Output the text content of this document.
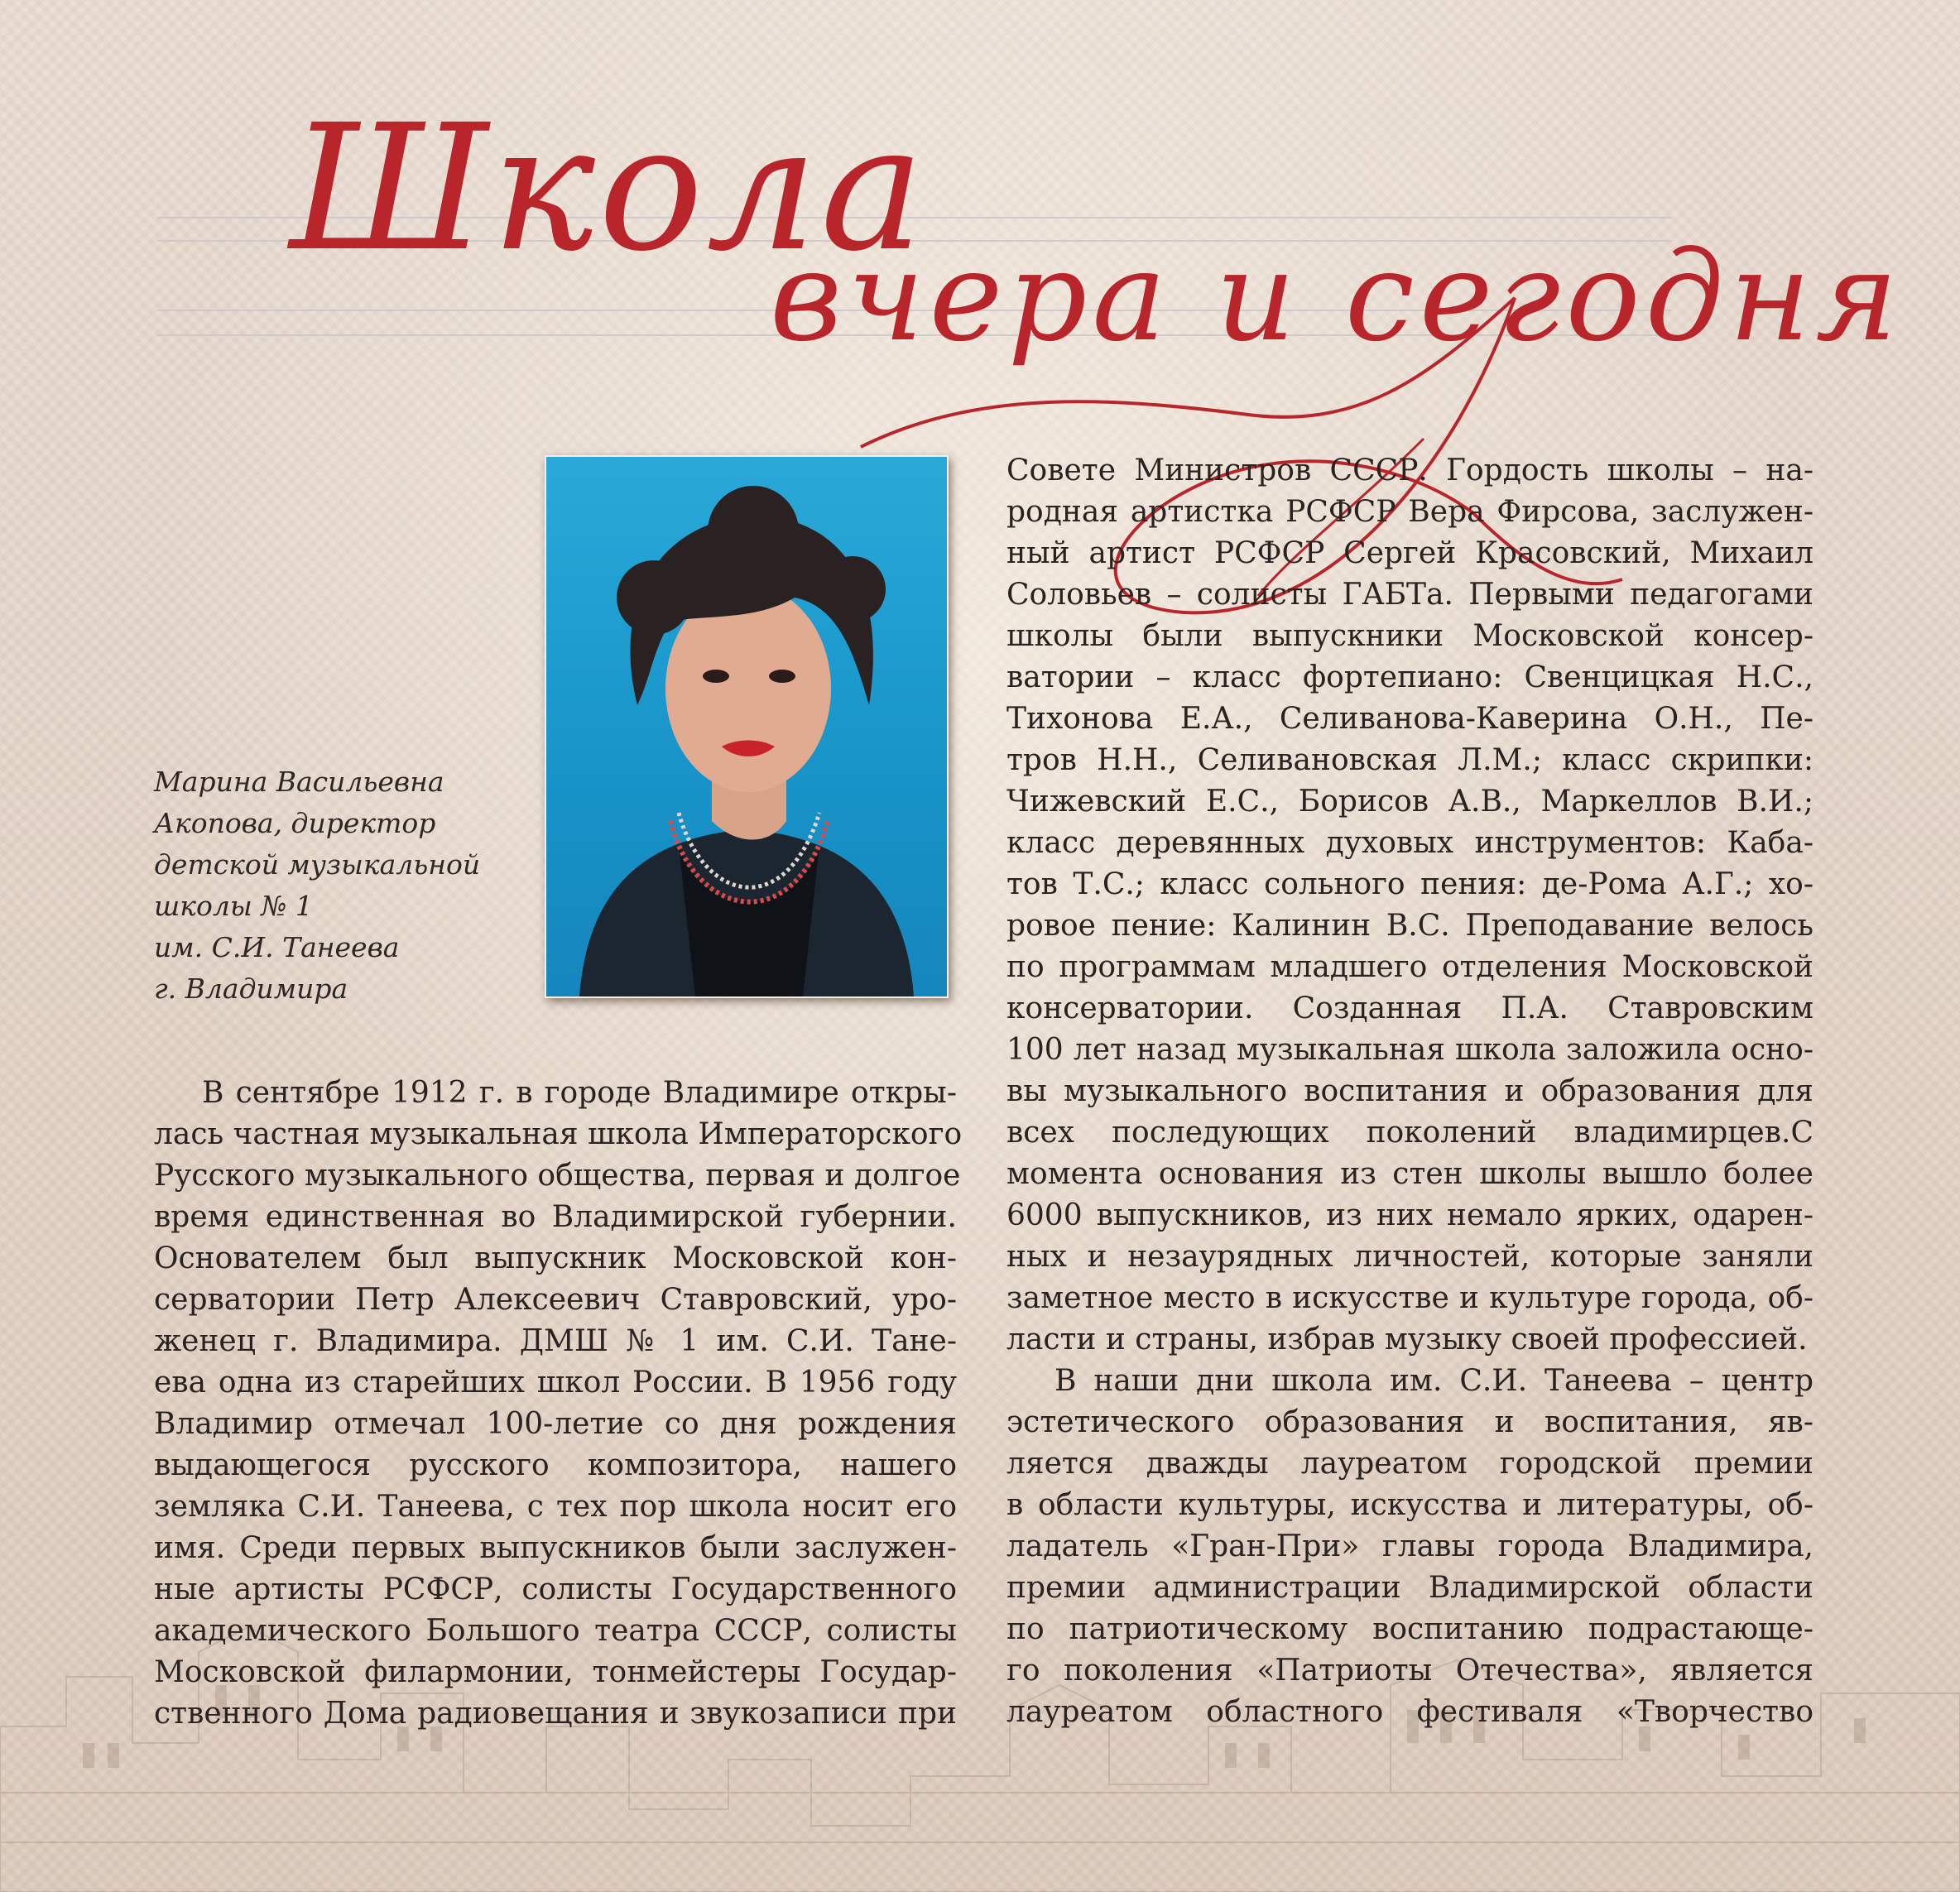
Школа
вчера и сегодня
Марина Васильевна
Акопова, директор
детской музыкальной
школы № 1
им. С.И. Танеева
г. Владимира
В сентябре 1912 г. в городе Владимире откры-
лась частная музыкальная школа Императорского
Русского музыкального общества, первая и долгое
время единственная во Владимирской губернии.
Основателем был выпускник Московской кон-
серватории Петр Алексеевич Ставровский, уро-
женец г. Владимира. ДМШ № 1 им. С.И. Тане-
ева одна из старейших школ России. В 1956 году
Владимир отмечал 100-летие со дня рождения
выдающегося русского композитора, нашего
земляка С.И. Танеева, с тех пор школа носит его
имя. Среди первых выпускников были заслужен-
ные артисты РСФСР, солисты Государственного
академического Большого театра СССР, солисты
Московской филармонии, тонмейстеры Государ-
ственного Дома радиовещания и звукозаписи при
Совете Министров СССР. Гордость школы – на-
родная артистка РСФСР Вера Фирсова, заслужен-
ный артист РСФСР Сергей Красовский, Михаил
Соловьев – солисты ГАБТа. Первыми педагогами
школы были выпускники Московской консер-
ватории – класс фортепиано: Свенцицкая Н.С.,
Тихонова Е.А., Селиванова-Каверина О.Н., Пе-
тров Н.Н., Селивановская Л.М.; класс скрипки:
Чижевский Е.С., Борисов А.В., Маркеллов В.И.;
класс деревянных духовых инструментов: Каба-
тов Т.С.; класс сольного пения: де-Рома А.Г.; хо-
ровое пение: Калинин В.С. Преподавание велось
по программам младшего отделения Московской
консерватории. Созданная П.А. Ставровским
100 лет назад музыкальная школа заложила осно-
вы музыкального воспитания и образования для
всех последующих поколений владимирцев.С
момента основания из стен школы вышло более
6000 выпускников, из них немало ярких, одарен-
ных и незаурядных личностей, которые заняли
заметное место в искусстве и культуре города, об-
ласти и страны, избрав музыку своей профессией.
В наши дни школа им. С.И. Танеева – центр
эстетического образования и воспитания, яв-
ляется дважды лауреатом городской премии
в области культуры, искусства и литературы, об-
ладатель «Гран-При» главы города Владимира,
премии администрации Владимирской области
по патриотическому воспитанию подрастающе-
го поколения «Патриоты Отечества», является
лауреатом областного фестиваля «Творчество
